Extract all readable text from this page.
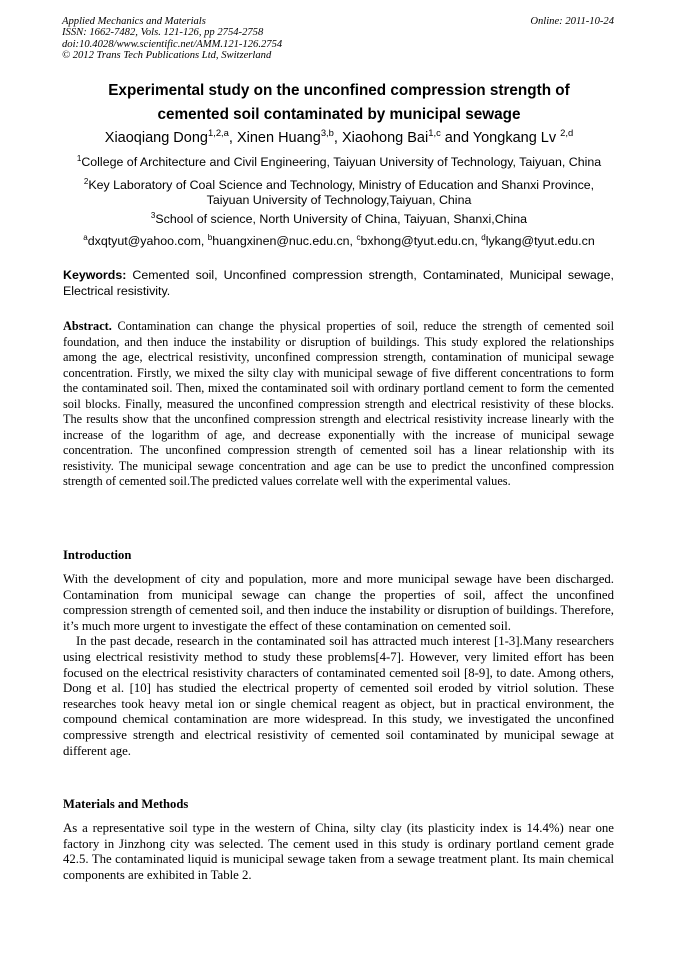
Applied Mechanics and Materials
ISSN: 1662-7482, Vols. 121-126, pp 2754-2758
doi:10.4028/www.scientific.net/AMM.121-126.2754
© 2012 Trans Tech Publications Ltd, Switzerland
Online: 2011-10-24
Experimental study on the unconfined compression strength of
cemented soil contaminated by municipal sewage
Xiaoqiang Dong$^{1,2,a}$, Xinen Huang$^{3,b}$, Xiaohong Bai$^{1,c}$ and Yongkang Lv $^{2,d}$
$^1$College of Architecture and Civil Engineering, Taiyuan University of Technology, Taiyuan, China
$^2$Key Laboratory of Coal Science and Technology, Ministry of Education and Shanxi Province,
Taiyuan University of Technology,Taiyuan, China
$^3$School of science, North University of China, Taiyuan, Shanxi,China
$^a$dxqtyut@yahoo.com, $^b$huangxinen@nuc.edu.cn, $^c$bxhong@tyut.edu.cn, $^d$lykang@tyut.edu.cn
Keywords: Cemented soil, Unconfined compression strength, Contaminated, Municipal sewage, Electrical resistivity.
Abstract. Contamination can change the physical properties of soil, reduce the strength of cemented soil foundation, and then induce the instability or disruption of buildings. This study explored the relationships among the age, electrical resistivity, unconfined compression strength, contamination of municipal sewage concentration. Firstly, we mixed the silty clay with municipal sewage of five different concentrations to form the contaminated soil. Then, mixed the contaminated soil with ordinary portland cement to form the cemented soil blocks. Finally, measured the unconfined compression strength and electrical resistivity of these blocks. The results show that the unconfined compression strength and electrical resistivity increase linearly with the increase of the logarithm of age, and decrease exponentially with the increase of municipal sewage concentration. The unconfined compression strength of cemented soil has a linear relationship with its resistivity. The municipal sewage concentration and age can be use to predict the unconfined compression strength of cemented soil.The predicted values correlate well with the experimental values.
Introduction

With the development of city and population, more and more municipal sewage have been discharged. Contamination from municipal sewage can change the properties of soil, affect the unconfined compression strength of cemented soil, and then induce the instability or disruption of buildings. Therefore, it’s much more urgent to investigate the effect of these contamination on cemented soil.

In the past decade, research in the contaminated soil has attracted much interest [1-3].Many researchers using electrical resistivity method to study these problems[4-7]. However, very limited effort has been focused on the electrical resistivity characters of contaminated cemented soil [8-9], to date. Among others, Dong et al. [10] has studied the electrical property of cemented soil eroded by vitriol solution. These researches took heavy metal ion or single chemical reagent as object, but in practical environment, the compound chemical contamination are more widespread. In this study, we investigated the unconfined compressive strength and electrical resistivity of cemented soil contaminated by municipal sewage at different age.

Materials and Methods

As a representative soil type in the western of China, silty clay (its plasticity index is 14.4%) near one factory in Jinzhong city was selected. The cement used in this study is ordinary portland cement grade 42.5. The contaminated liquid is municipal sewage taken from a sewage treatment plant. Its main chemical components are exhibited in Table 2.
